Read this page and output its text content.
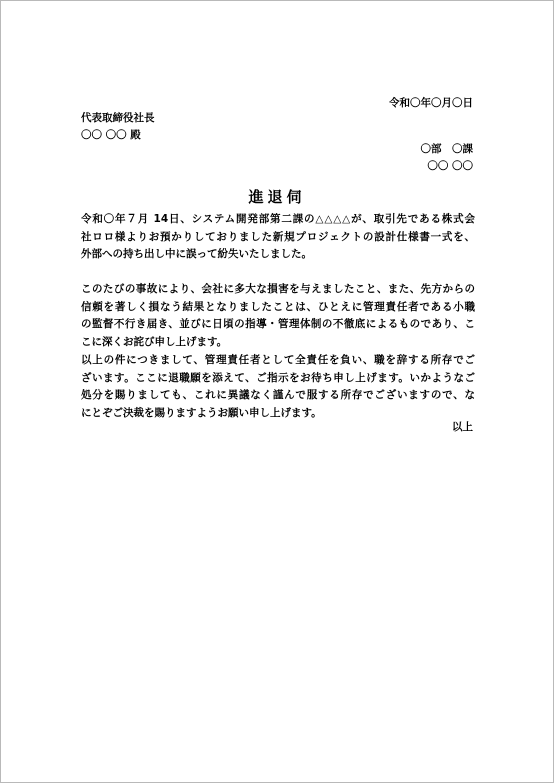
令和〇年〇月〇日
代表取締役社長
〇〇 〇〇 殿
〇部　〇課
〇〇 〇〇
進退伺
令和〇年７月 14日、システム開発部第二課の△△△△が、取引先である株式会
社ロロ様よりお預かりしておりました新規プロジェクトの設計仕様書一式を、
外部への持ち出し中に誤って紛失いたしました。
このたびの事故により、会社に多大な損害を与えましたこと、また、先方からの
信頼を著しく損なう結果となりましたことは、ひとえに管理責任者である小職
の監督不行き届き、並びに日頃の指導・管理体制の不徹底によるものであり、こ
こに深くお詫び申し上げます。
以上の件につきまして、管理責任者として全責任を負い、職を辞する所存でご
ざいます。ここに退職願を添えて、ご指示をお待ち申し上げます。いかようなご
処分を賜りましても、これに異議なく謹んで服する所存でございますので、な
にとぞご決裁を賜りますようお願い申し上げます。
以上
